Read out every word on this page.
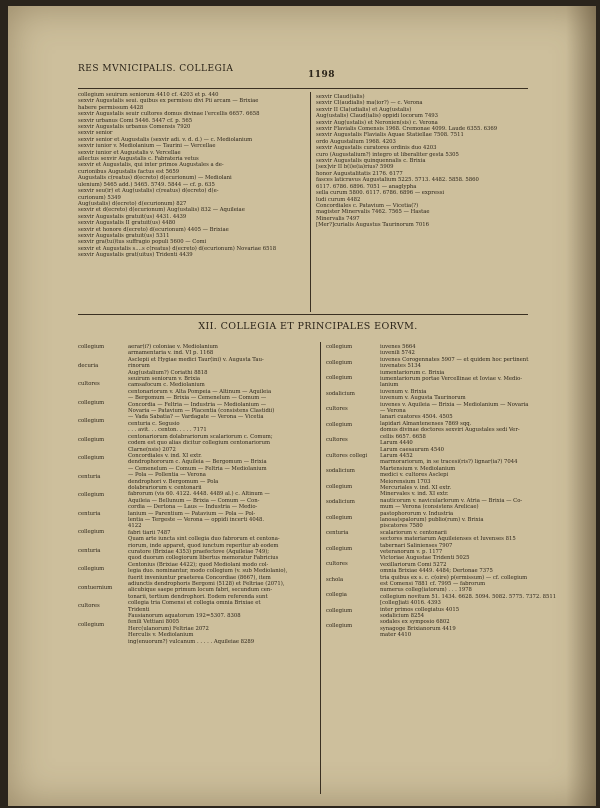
RES MVNICIPALIS. COLLEGIA
1198
collegium seuirum seniorum 4410 cf. 4203 et p. 440
sexvir Augustalis seui. quibus ex permissu divi Pii arcam — Brixiae
habere permissum 4428
sexvir Augustalis seuir cultores domus divinae l'ercellis 6657. 6658
sexvir urbanus Comi 5446. 5447 cf. p. 565
sexvir Augustalis urbanus Comensis 7920
sexvir senior
sexvir senior et Augustalis (sexvir adi. v. d. d.) — c. Mediolanium
sexvir iunior v. Mediolanium — Taurini — Vercellae
sexvir iunior et Augustalis v. Vercellae
allectus sexvir Augustalis c. Fabrateria vetus
sexvir et Augustalis, qui inter primos Augustales a de-
curionibus Augustalis factus est 5659
Augustalis c(reatus) d(ecreto) d(ecurionum) — Mediolani
ulenium) 5465 add.) 5465. 5749. 5844 — cf. p. 635
sexvir seu(ir) et Aug(ustalis) c(reatus) d(ecreto) d(e-
curionum) 5349
Aug(ustalis) d(ecreto) d(ecurionum) 827
sexvir et d(ecreto) d(ecurionum) Aug(ustalis) 832 — Aquileiae
sexvir Augustalis gratuit(us) 4431. 4439
sexvir Augustalis II gratuit(us) 4480
sexvir et honore d(ecreto) d(ecurionum) 4405 — Brixiae
sexvir Augustalis gratuit(us) 5311
sexvir gra(tui)tus suffragio populi 5600 — Comi
sexvir et Augustalis s....s c(reatus) d(ecreto) d(ecurionum) Novariae 6518
sexvir Augustalis grat(uitus) Tridenti 4439
sexvir Claud(ialis)
sexvir Cl(audialis) ma(ior?) — c. Verona
sexvir II Cla(udialis) et Aug(ustalis)
Aug(ustalis) Claud(ialis) oppidi locorum 7493
sexvir Aug(ustalis) et Neronien(sis) c. Verona
sexvir Flavialis Comensis 1968. Cremonae 4099. Laude 6355. 6369
sexvir Augustalis Flavialis Aquae Statiellae 7508. 7511
ordo Augustalium 1968. 4203
sexvir Augustalis curatores ordinis duo 4203
curo (Augustalium?) integro ut liberaliter gesta 5305
sexvir Augustalis quinquennalis c. Brixia
[sex]vir II b(i)e(ia)rius? 5909
honor Augustalitatis 2176. 6177
fasces laticravus Augustalium 5225. 5713. 4482. 5858. 5860
6117. 6786. 6896. 7051 — anaglypha
sella curum 5800. 6117. 6786. 6896 — expressi
ludi curum 4482
Concordiales c. Patavium — Vicetia(?)
magister Minervalis 7462. 7565 — Hastae
Minervalis 7497
[Mer?]curialis Augustus Taurinorum 7016
XII. COLLEGIA ET PRINCIPALES EORVM.
collegium
decuria
cultores
collegium
collegium
collegium
collegium
centuria
collegium
centuria
collegium
centuria
collegium
contuernium
cultores
collegium
aerar(i?) coloniae v. Mediolanium
armamentaria v. ind. VI p. 1168
Asclepii et Hygiae medici Taur(ini) v. Augusta Tau-
rinorum
Aug(ustalium?) Coriathi 8818
seuirum seniorum v. Brixia
camsafocum c. Mediolanium
centonariorum v. Alta Pompeia — Altinum — Aquileia
— Bergomum — Brixia — Cemenelum — Comum —
Concordia — Feltria — Industria — Mediolanium —
Novaria — Patavium — Placentia (consistens Clastidii)
— Vada Sabatia? — Vardagate — Verona — Vicetia
centuria c. Segusio
. . . avit. . . centon. . . . . 7171
centonariorum dolabrariorum scalariorum c. Comum;
codem est quo alias dicitur collegium centonariorum
Clarne(nsis) 2072
Concordiales v. ind. XI extr.
dendrophororum c. Aquileia — Bergomum — Brixia
— Cemenelum — Comum — Feltria — Mediolanium
— Pola — Pollentia — Verona
dendrophori v. Bergomum — Pola
dolabrariorum v. centonarii
fabrorum (vis 60. 4122. 4448. 4489 al.) c. Altinum —
Aquileia — Bellunum — Brixia — Comum — Con-
cordia — Dertona — Laus — Industria — Medio-
lanium — Parentium — Patavium — Pola — Pol-
lentia — Tergeste — Verona — oppidi incerti 4048.
4122
fabri tiarii 7487
Quam arte iuncta sint collegia duo fabrorum et centona-
riorum, inde apparet, quod iunctum reperitur ab eodem
curatore (Brixiae 4353) praefectove (Aquileiae 749);
quod duorum collegiorum libertus memoratur Fabricius
Centonius (Brixiae 4422); quod Mediolani modo col-
legia duo. nominantur, modo collegium (v. sub Mediolanio),
fuerit inveniuntur praeterea Concordiae (8667), item
adiunctis dendrophoris Bergomi (5128) et Feltriae (2071),
alicubique saepe primum locum fabri, secundum cen-
tonarii, tertium dendrophori. Eodem referenda sunt
collegia tria Comensi et collegia omnia Brixiae et
Tridenti
Fausianorum aquatorum 192=5307. 8308
fenili Vettiani 8005
Herc(ulanorum) Feltriae 2072
Herculis v. Mediolanium
ing(enuorum?) vulcanum . . . . . Aquileiae 8289
collegium
collegium
collegium
sodalicium
cultores
collegium
cultores
cultores collegi
sodalicium
collegium
sodalicium
collegium
centuria
collegium
cultores
schola
collegia
collegium
collegium
iuvenes 5664
iuvenili 5742
iuvenes Corogennates 5907 — et quidem hoc pertinent
iuvenates 5134
iumentariorum c. Brixia
iumentariorum portae Vercellinae et Ioviae v. Medio-
lanium
iuvenum v. Brixia
iuvenum v. Augusta Taurinorum
iuvenes v. Aquileia — Brixia — Mediolanium — Novaria
— Verona
lanari cuatores 4504. 4505
lapidari Almantenenses 7869 sqq.
domus divinae doctores sexviri Augustales sedi Ver-
cellis 6657. 6658
Larum 4440
Larum caesaurum 4540
Larum 4452
marmorariorum, in se tracesi(ris?) lignar(ia?) 7044
Martensium v. Mediolanium
medici v. cultores Asclepi
Meiorensium 1703
Mercuriales v. ind. XI extr.
Minervales v. ind. XI extr.
nauticorum v. navicularlorum v. Atria — Brixia — Co-
mum — Verona (consistens Arelicae)
pastophororum v. Industria
lanosa(spalorum) publio(rum) v. Brixia
piscatores 7580
scalariorum v. centonarii
sectores materiarum Aquileienses et Iuvenses 815
tabernari Salinienses 7907
veteranorum v. p. 1177
Victoriae Augustae Tridenti 5025
vexillariorum Comi 5272
omnia Brixiae 4449. 4484; Dertonae 7375
tria quibus ex s. c. c(oire) p(ermissum) — cf. collegium
est Comensi 7881 cf. 7995 — fabrorum
numerus colleg(iatorum) . . . 1978
collegium novitum 51. 1434. 6628. 5094. 5082. 5775. 7372. 8511
[colleg]iati 4016. 4393
inter primos collegiatus 4015
sodalicium 8254
sodales ex symposio 6802
synagoge Brixianorum 4419
mater 4410
